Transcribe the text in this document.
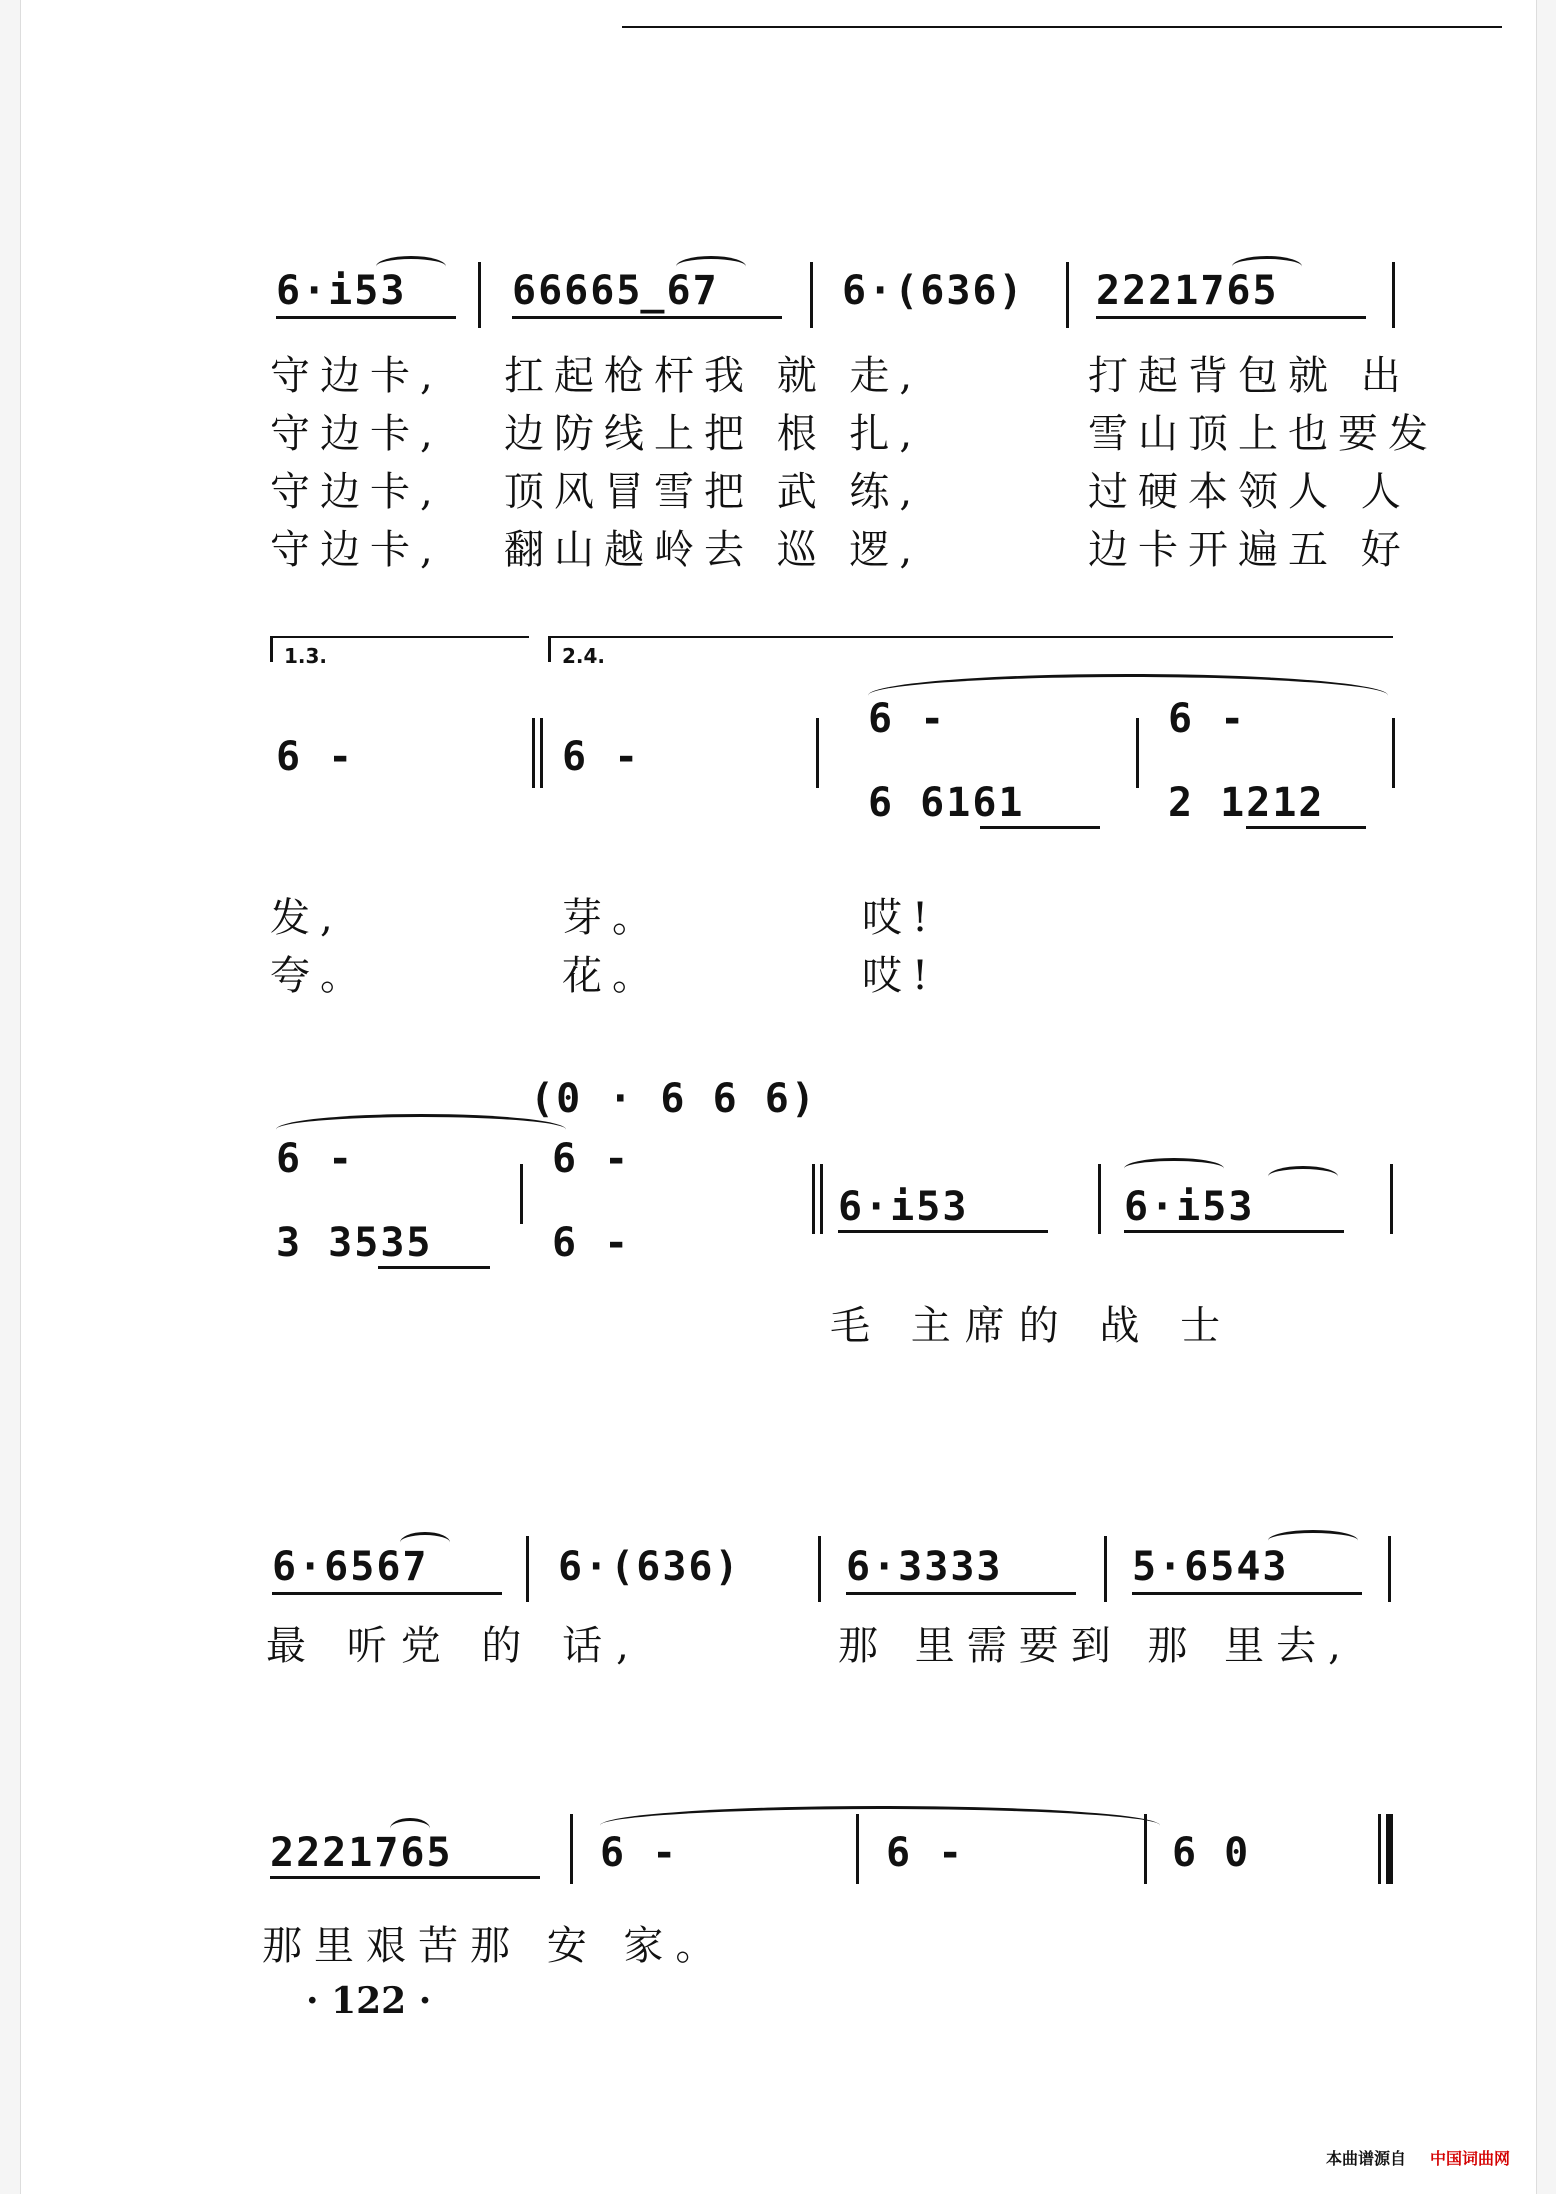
6·i53	66665̲67	6·(636) 2221765
守边卡, 扛起枪杆我 就 走,	打起背包就 出
守边卡, 边防线上把 根 扎,	雪山顶上也要发
守边卡, 顶风冒雪把 武 练,	过硬本领人 人
守边卡, 翻山越岭去 巡 逻,	边卡开遍五 好
1.3.	2.4.
6 -	6 -
6 -	6 -
6 6161	2 1212
发,	芽。	哎!
夸。	花。	哎!
(0 · 6 6 6)
6 -	6 -
3 3535	6 -
6·i53	6·i53
毛 主席的 战 士
6·6567	6·(636)	6·3333	5·6543
最 听党 的 话,	那 里需要到 那 里去,
2221765	6 -	6 -	6 0
那里艰苦那 安 家。
· 122 ·
本曲谱源自 中国词曲网
